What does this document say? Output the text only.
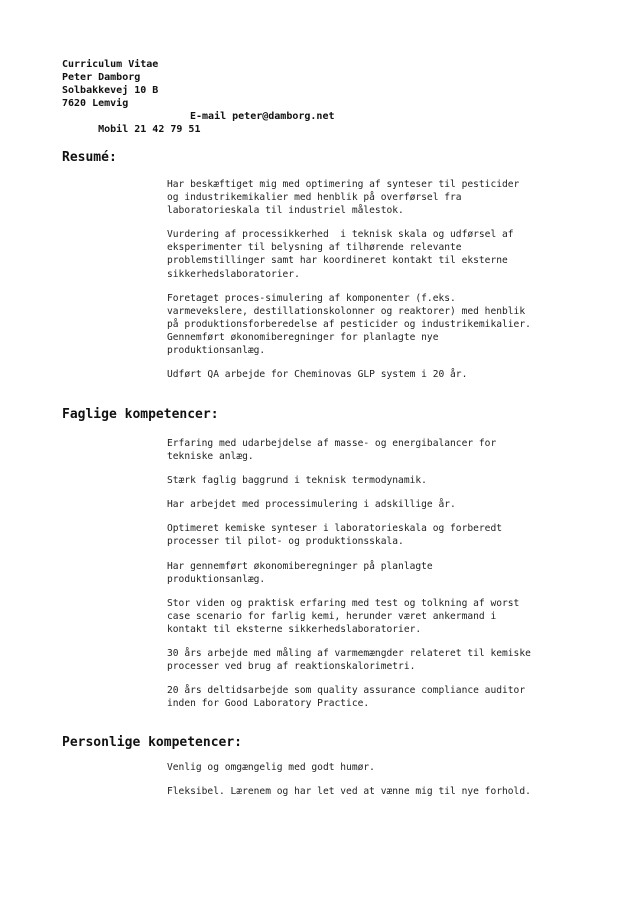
Curriculum Vitae
Peter Damborg
Solbakkevej 10 B
7620 Lemvig

Mobil 21 42 79 51

E-mail peter@damborg.net

Resumé:

Har beskæftiget mig med optimering af synteser til pesticider
og industrikemikalier med henblik på overførsel fra
laboratorieskala til industriel målestok.

Vurdering af processikkerhed  i teknisk skala og udførsel af
eksperimenter til belysning af tilhørende relevante
problemstillinger samt har koordineret kontakt til eksterne
sikkerhedslaboratorier.

Foretaget proces-simulering af komponenter (f.eks.
varmevekslere, destillationskolonner og reaktorer) med henblik
på produktionsforberedelse af pesticider og industrikemikalier.
Gennemført økonomiberegninger for planlagte nye
produktionsanlæg.

Udført QA arbejde for Cheminovas GLP system i 20 år.

Faglige kompetencer:

Erfaring med udarbejdelse af masse- og energibalancer for
tekniske anlæg.

Stærk faglig baggrund i teknisk termodynamik.

Har arbejdet med processimulering i adskillige år.

Optimeret kemiske synteser i laboratorieskala og forberedt
processer til pilot- og produktionsskala.

Har gennemført økonomiberegninger på planlagte
produktionsanlæg.

Stor viden og praktisk erfaring med test og tolkning af worst
case scenario for farlig kemi, herunder været ankermand i
kontakt til eksterne sikkerhedslaboratorier.

30 års arbejde med måling af varmemængder relateret til kemiske
processer ved brug af reaktionskalorimetri.

20 års deltidsarbejde som quality assurance compliance auditor
inden for Good Laboratory Practice.

Personlige kompetencer:

Venlig og omgængelig med godt humør.

Fleksibel. Lærenem og har let ved at vænne mig til nye forhold.
